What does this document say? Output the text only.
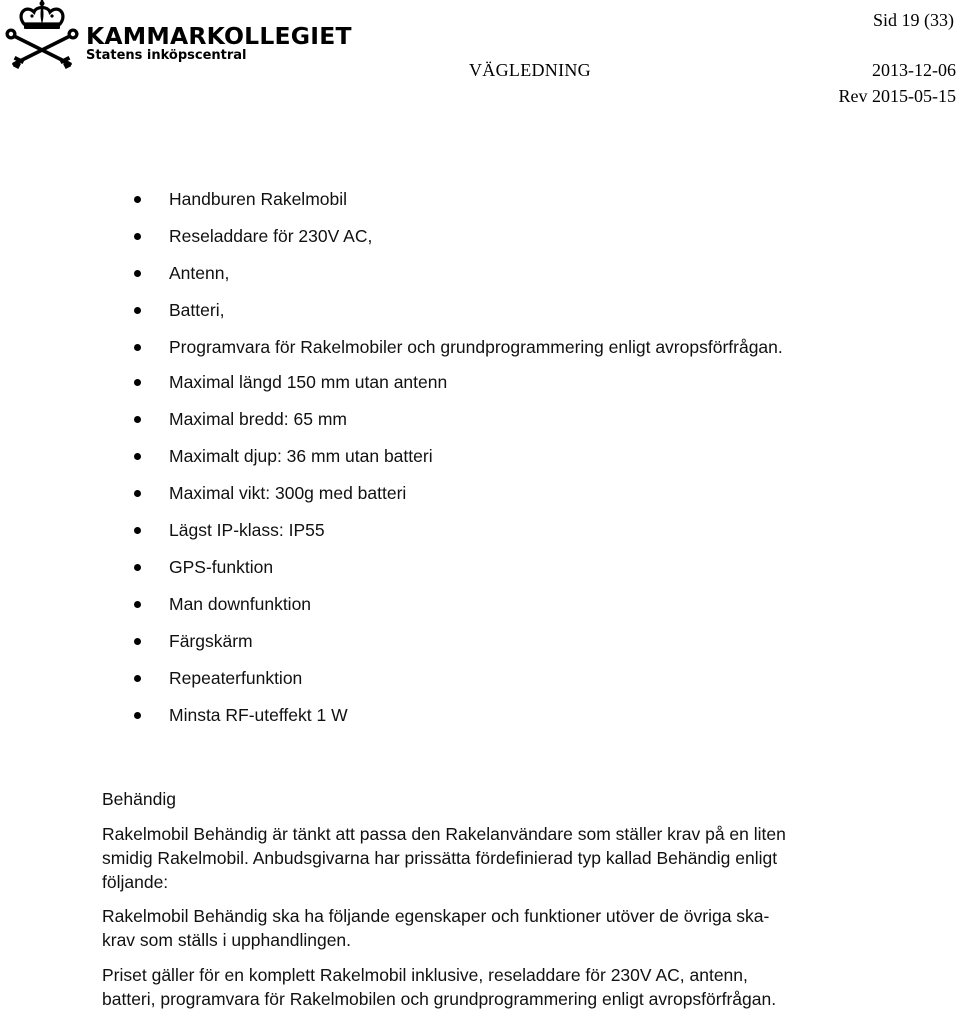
KAMMARKOLLEGIET
Statens inköpscentral
Sid 19 (33)
VÄGLEDNING	2013-12-06
Rev 2015-05-15
Handburen Rakelmobil
Reseladdare för 230V AC,
Antenn,
Batteri,
Programvara för Rakelmobiler och grundprogrammering enligt avropsförfrågan.
Maximal längd 150 mm utan antenn
Maximal bredd: 65 mm
Maximalt djup: 36 mm utan batteri
Maximal vikt: 300g med batteri
Lägst IP-klass: IP55
GPS-funktion
Man downfunktion
Färgskärm
Repeaterfunktion
Minsta RF-uteffekt 1 W
Behändig
Rakelmobil Behändig är tänkt att passa den Rakelanvändare som ställer krav på en liten smidig Rakelmobil. Anbudsgivarna har prissätta fördefinierad typ kallad Behändig enligt följande:
Rakelmobil Behändig ska ha följande egenskaper och funktioner utöver de övriga ska-krav som ställs i upphandlingen.
Priset gäller för en komplett Rakelmobil inklusive, reseladdare för 230V AC, antenn, batteri, programvara för Rakelmobilen och grundprogrammering enligt avropsförfrågan.
